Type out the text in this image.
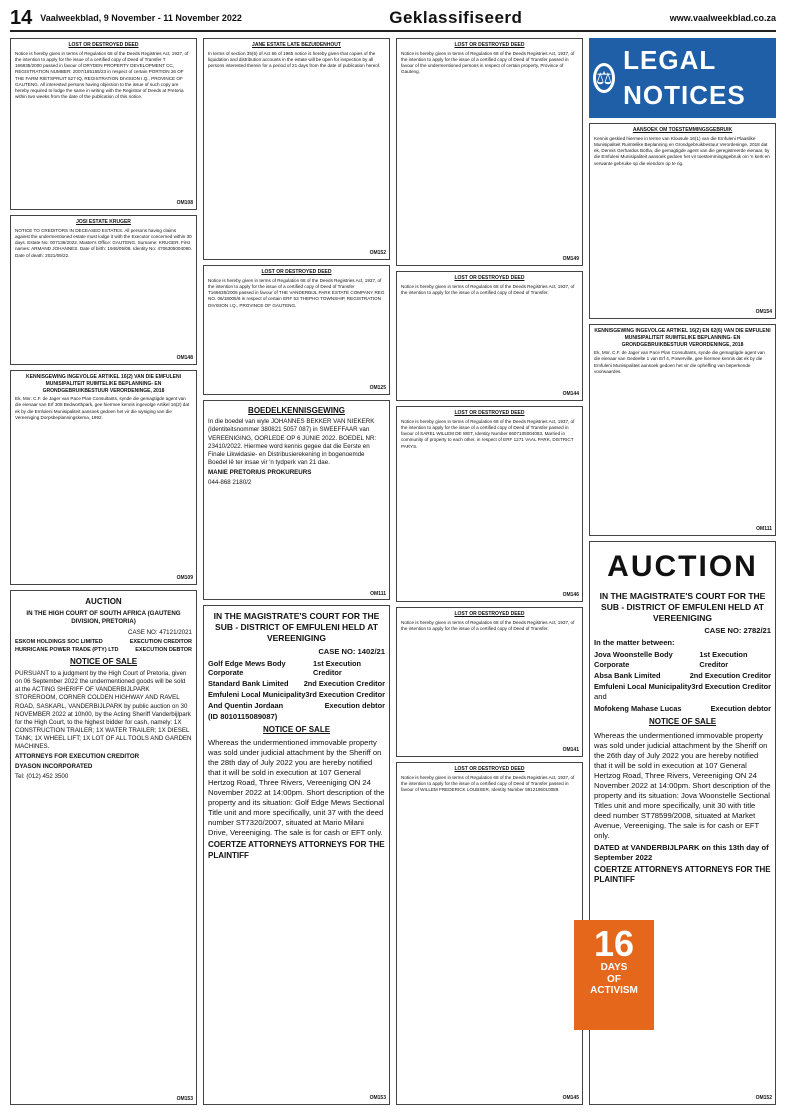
14 Vaalweekblad, 9 November - 11 November 2022	Geklassifiseerd	www.vaalweekblad.co.za
LOST OR DESTROYED DEED

Notice is hereby given in terms of Regulation 68 of the Deeds Registries Act, 1937, of the intention to apply for the issue of a certified copy of Deed of Transfer T 166835/2000 passed in favour of DRYDEN PROPERTY DEVELOPMENT CC, REGISTRATION NUMBER: 2007/185155/23 in respect of certain PORTION 26 OF THE FARM RIETSPRUIT 527 IQ, REGISTRATION DIVISION I.Q., PROVINCE OF GAUTENG. All interested persons having objection to the issue of such copy are hereby required to lodge the same in writing with the Registrar of Deeds at Pretoria within two weeks from the date of the publication of this notice.

OM108
JOSI ESTATE KRUGER

NOTICE TO CREDITORS IN DECEASED ESTATES. All persons having claims against the undermentioned estate must lodge it with the Executor concerned within 30 days. Estate No: 007136/2022. Master's Office: GAUTENG. Surname: KRUGER. First names: ARMAND JOHANNES. Date of birth: 1946/05/08. Identity No: 4706305004080. Date of death: 2021/09/22.

OM148
KENNISGEWING INGEVOLGE ARTIKEL 16(2) VAN DIE EMFULENI MUNISIPALITEIT RUIMTELIKE BEPLANNING- EN GRONDGEBRUIKBESTUUR VERORDENINGE, 2018

Ek, Mnr. C.F. de Jager van Pace Plan Consultants, synde die gemagtigde agent van die eienaar van Erf 308 Bedworthpark, gee hiermee kennis ingevolge Artikel 16(2) dat ek by die Emfuleni Munisipaliteit aansoek gedoen het vir die wysiging van die Vereeniging Dorpsbeplanningskema, 1992.

OM109
AUCTION

IN THE HIGH COURT OF SOUTH AFRICA (GAUTENG DIVISION, PRETORIA)

CASE NO: 47121/2021

ESKOM HOLDINGS SOC LIMITED	EXECUTION CREDITOR
HURRICANE POWER TRADE (PTY) LTD	EXECUTION DEBTOR
NOTICE OF SALE

PURSUANT to a judgment by the High Court of Pretoria, given on 06 September 2022 the undermentioned goods will be sold at the ACTING SHERIFF OF VANDERBIJLPARK STOREROOM, CORNER COLDEN HIGHWAY AND RAVEL ROAD, SASKARL, VANDERBIJLPARK by public auction on 30 NOVEMBER 2022 at 10h00, by the Acting Sheriff Vanderbijlpark for the High Court, to the highest bidder for cash, namely: 1X CONSTRUCTION TRAILER; 1X WATER TRAILER; 1X DIESEL TANK; 1X WHEEL LIFT; 1X LOT OF ALL TOOLS AND GARDEN MACHINES.

ATTORNEYS FOR EXECUTION CREDITOR

DYASON INCORPORATED

Tel: (012) 452 3500

OM153
JANE ESTATE LATE BEZUIDENHOUT

In terms of section 35(5) of Act 66 of 1965 notice is hereby given that copies of the liquidation and distribution accounts in the estate will be open for inspection by all persons interested therein for a period of 21 days from the date of publication hereof.

OM152
LOST OR DESTROYED DEED

Notice is hereby given in terms of Regulation 68 of the Deeds Registries Act, 1937, of the intention to apply for the issue of a certified copy of Deed of Transfer T166635/2006 passed in favour of THE VANDERBIJL PARK ESTATE COMPANY REG NO. 06/18005/6 in respect of certain ERF 53 THEPHO TOWNSHIP, REGISTRATION DIVISION I.Q., PROVINCE OF GAUTENG.

OM125
BOEDELKENNISGEWING

In die boedel van wyle JOHANNES BEKKER VAN NIEKERK (Identiteitsnommer 380821 5057 087) in SWEEFFAAR van VEREENIGING, OORLEDE OP 6 JUNIE 2022. BOEDEL NR: 23410/2022. Hiermee word kennis gegee dat die Eerste en Finale Likwidasie- en Distribusierekening in bogenoemde Boedel lê ter insae vir 'n tydperk van 21 dae.

MANIE PRETORIUS PROKUREURS

044-868 2180/2

OM111
IN THE MAGISTRATE'S COURT FOR THE SUB - DISTRICT OF EMFULENI HELD AT VEREENIGING

CASE NO: 1402/21

Golf Edge Mews Body Corporate
1st Execution Creditor
Standard Bank Limited 2nd Execution Creditor
Emfuleni Local Municipality 3rd Execution Creditor
And Quentin Jordaan	Execution debtor

(ID 8010115089087)

NOTICE OF SALE

Whereas the undermentioned immovable property was sold under judicial attachment by the Sheriff on the 28th day of July 2022 you are hereby notified that it will be sold in execution at 107 General Hertzog Road, Three Rivers, Vereeniging ON 24 November 2022 at 14:00pm. Short description of the property and its situation: Golf Edge Mews Sectional Title unit and more specifically, unit 37 with the deed number ST7320/2007, situated at Mario Milani Drive, Vereeniging. The sale is for cash or EFT only.

COERTZE ATTORNEYS ATTORNEYS FOR THE PLAINTIFF

OM153
LOST OR DESTROYED DEED

Notice is hereby given in terms of Regulation 68 of the Deeds Registries Act, 1937, of the intention to apply for the issue of a certified copy of Deed of Transfer passed in favour of the undermentioned persons in respect of certain property, Province of Gauteng.

OM149
LOST OR DESTROYED DEED

Notice is hereby given in terms of Regulation 68 of the Deeds Registries Act, 1937, of the intention to apply for the issue of a certified copy of Deed of Transfer.

OM144
LOST OR DESTROYED DEED

Notice is hereby given in terms of Regulation 68 of the Deeds Registries Act, 1937, of the intention to apply for the issue of a certified copy of Deed of Transfer passed in favour of SAREL WILLEM DE WET, Identity Number 6607105004083, Married in community of property to each other, in respect of ERF 1271 VAAL PARK, DISTRICT PARYS.

OM146
LOST OR DESTROYED DEED

Notice is hereby given in terms of Regulation 68 of the Deeds Registries Act, 1937, of the intention to apply for the issue of a certified copy of Deed of Transfer.

OM141
LOST OR DESTROYED DEED

Notice is hereby given in terms of Regulation 68 of the Deeds Registries Act, 1937, of the intention to apply for the issue of a certified copy of Deed of Transfer passed in favour of WILLEM FREDERICK LOUBSER, Identity Number 5912195010089.

OM145
⚖
LEGAL NOTICES
AANSOEK OM TOESTEMMINGSGEBRUIK

Kennis geskied hiermee in terme van Klousule 16(1) van die Emfuleni Plaaslike Munisipaliteit Ruimtelike Beplanning en Grondgebruikbestuur Verordeninge, 2018 dat ek, Dennis Gerhardus Botha, die gemagtigde agent van die geregistreerde eienaar, by die Emfuleni Munisipaliteit aansoek gedoen het vir toestemmingsgebruik om 'n kerk en verwante gebruike op die eiendom op te rig.

OM154
KENNISGEWING INGEVOLGE ARTIKEL 16(2) EN 62(6) VAN DIE EMFULENI MUNISIPALITEIT RUIMTELIKE BEPLANNING- EN GRONDGEBRUIKBESTUUR VERORDENINGE, 2018

Ek, Mnr. C.F. de Jager van Pace Plan Consultants, synde die gemagtigde agent van die eienaar van Gedeelte 1 van Erf 4, Powerville, gee hiermee kennis dat ek by die Emfuleni Munisipaliteit aansoek gedoen het vir die opheffing van beperkende voorwaardes.

OM111
AUCTION
IN THE MAGISTRATE'S COURT FOR THE SUB - DISTRICT OF EMFULENI HELD AT VEREENIGING

CASE NO: 2782/21

In the matter between:

Jova Woonstelle Body Corporate
1st Execution Creditor
Absa Bank Limited	2nd Execution Creditor
Emfuleni Local Municipality 3rd Execution Creditor

and

Mofokeng Mahase Lucas	Execution debtor
NOTICE OF SALE

Whereas the undermentioned immovable property was sold under judicial attachment by the Sheriff on the 26th day of July 2022 you are hereby notified that it will be sold in execution at 107 General Hertzog Road, Three Rivers, Vereeniging ON 24 November 2022 at 14:00pm. Short description of the property and its situation: Jova Woonstelle Sectional Titles unit and more specifically, unit 30 with title deed number ST78599/2008, situated at Market Avenue, Vereeniging. The sale is for cash or EFT only.

DATED at VANDERBIJLPARK on this 13th day of September 2022

COERTZE ATTORNEYS ATTORNEYS FOR THE PLAINTIFF

OM152
16
DAYS
OF
ACTIVISM
